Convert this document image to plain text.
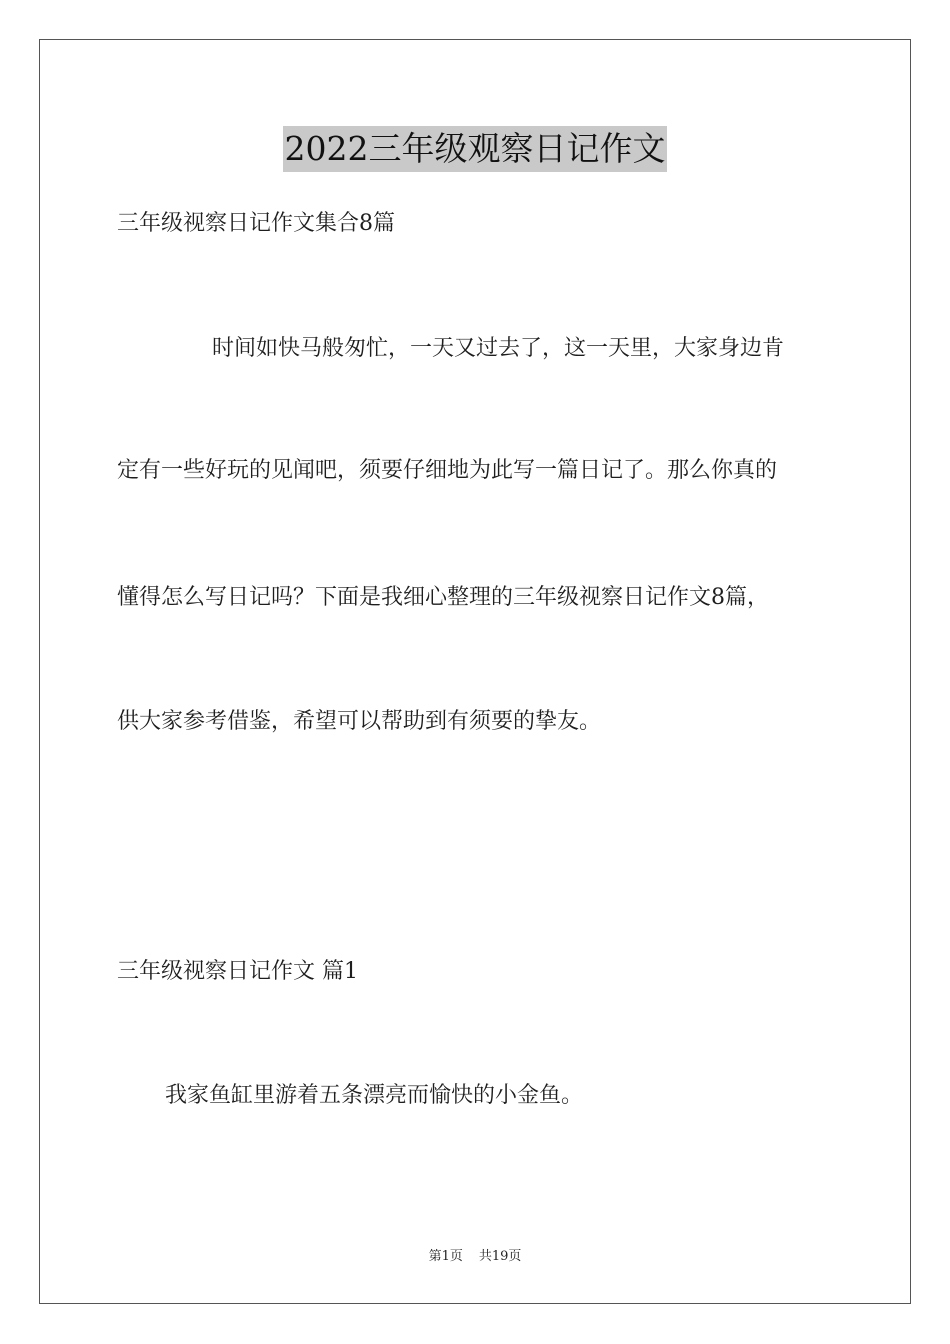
2022三年级观察日记作文
三年级视察日记作文集合8篇
时间如快马般匆忙，一天又过去了，这一天里，大家身边肯
定有一些好玩的见闻吧，须要仔细地为此写一篇日记了。那么你真的
懂得怎么写日记吗？下面是我细心整理的三年级视察日记作文8篇，
供大家参考借鉴，希望可以帮助到有须要的挚友。
三年级视察日记作文 篇1
我家鱼缸里游着五条漂亮而愉快的小金鱼。
第1页 共19页
